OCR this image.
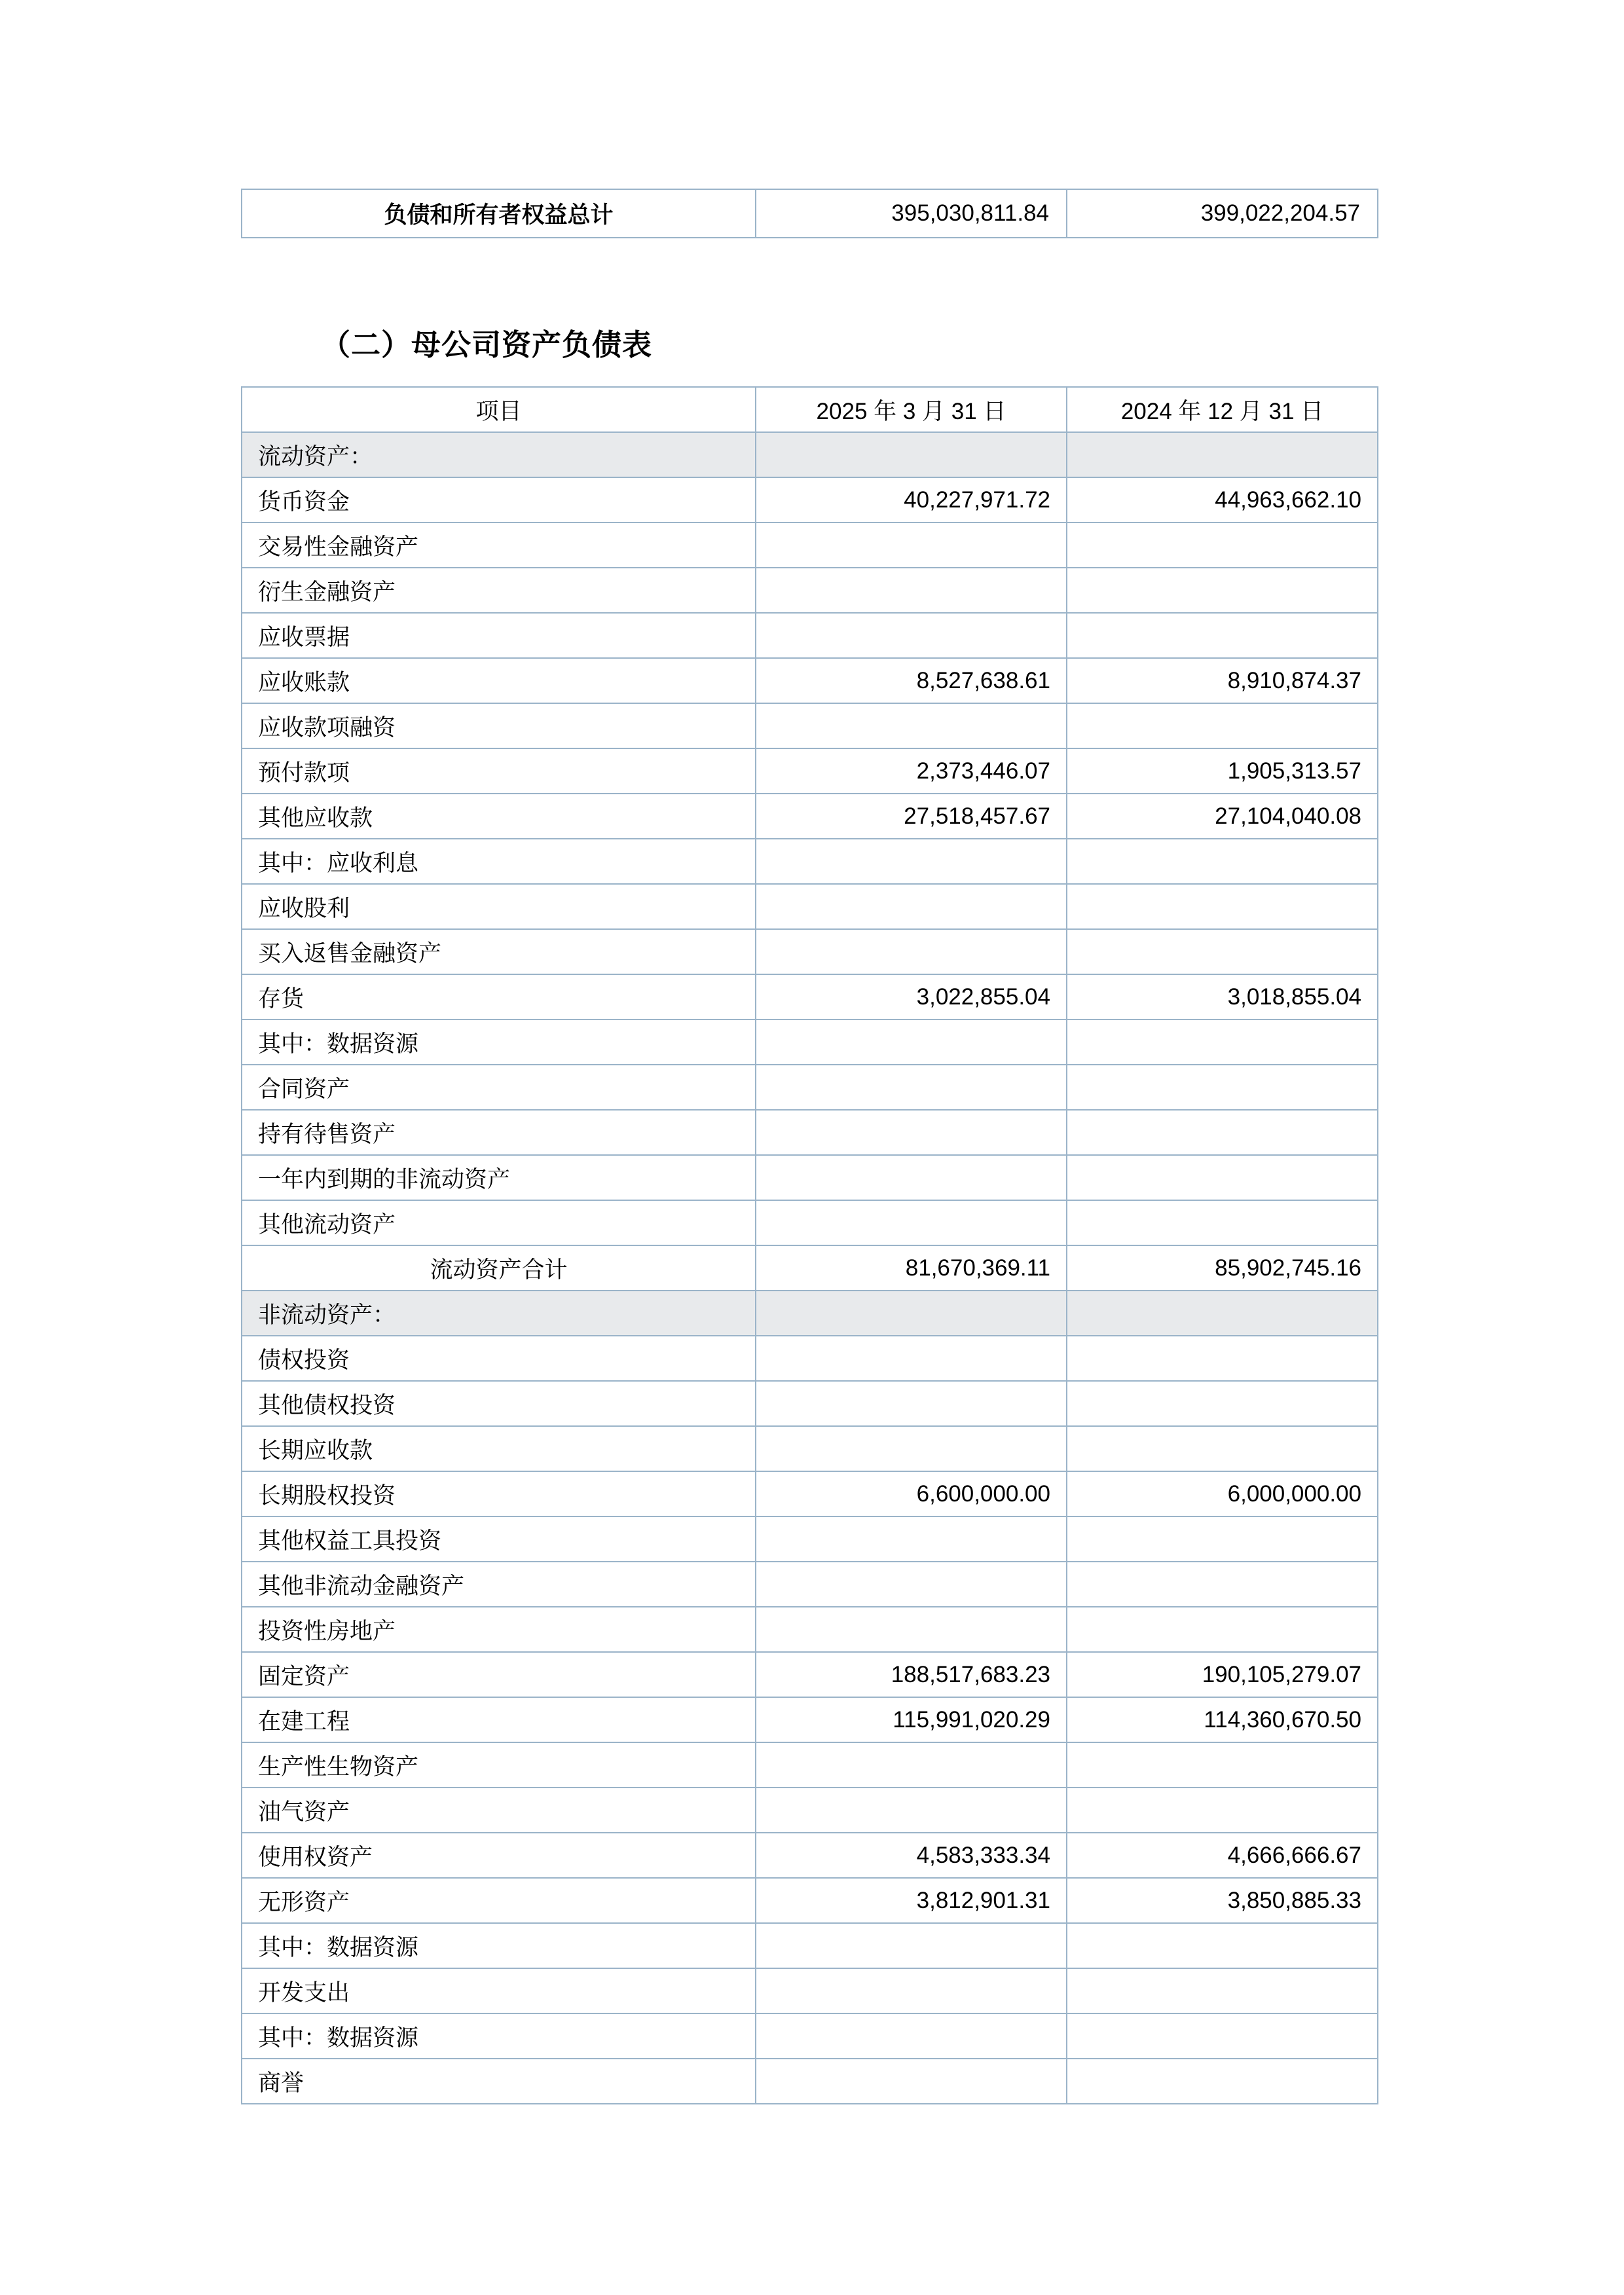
负债和所有者权益总计	395,030,811.84	399,022,204.57
（二）母公司资产负债表
项目	2025 年 3 月 31 日	2024 年 12 月 31 日
流动资产：		
货币资金	40,227,971.72	44,963,662.10
交易性金融资产		
衍生金融资产		
应收票据		
应收账款	8,527,638.61	8,910,874.37
应收款项融资		
预付款项	2,373,446.07	1,905,313.57
其他应收款	27,518,457.67	27,104,040.08
其中：应收利息		
应收股利		
买入返售金融资产		
存货	3,022,855.04	3,018,855.04
其中：数据资源		
合同资产		
持有待售资产		
一年内到期的非流动资产		
其他流动资产		
流动资产合计	81,670,369.11	85,902,745.16
非流动资产：		
债权投资		
其他债权投资		
长期应收款		
长期股权投资	6,600,000.00	6,000,000.00
其他权益工具投资		
其他非流动金融资产		
投资性房地产		
固定资产	188,517,683.23	190,105,279.07
在建工程	115,991,020.29	114,360,670.50
生产性生物资产		
油气资产		
使用权资产	4,583,333.34	4,666,666.67
无形资产	3,812,901.31	3,850,885.33
其中：数据资源		
开发支出		
其中：数据资源		
商誉		
